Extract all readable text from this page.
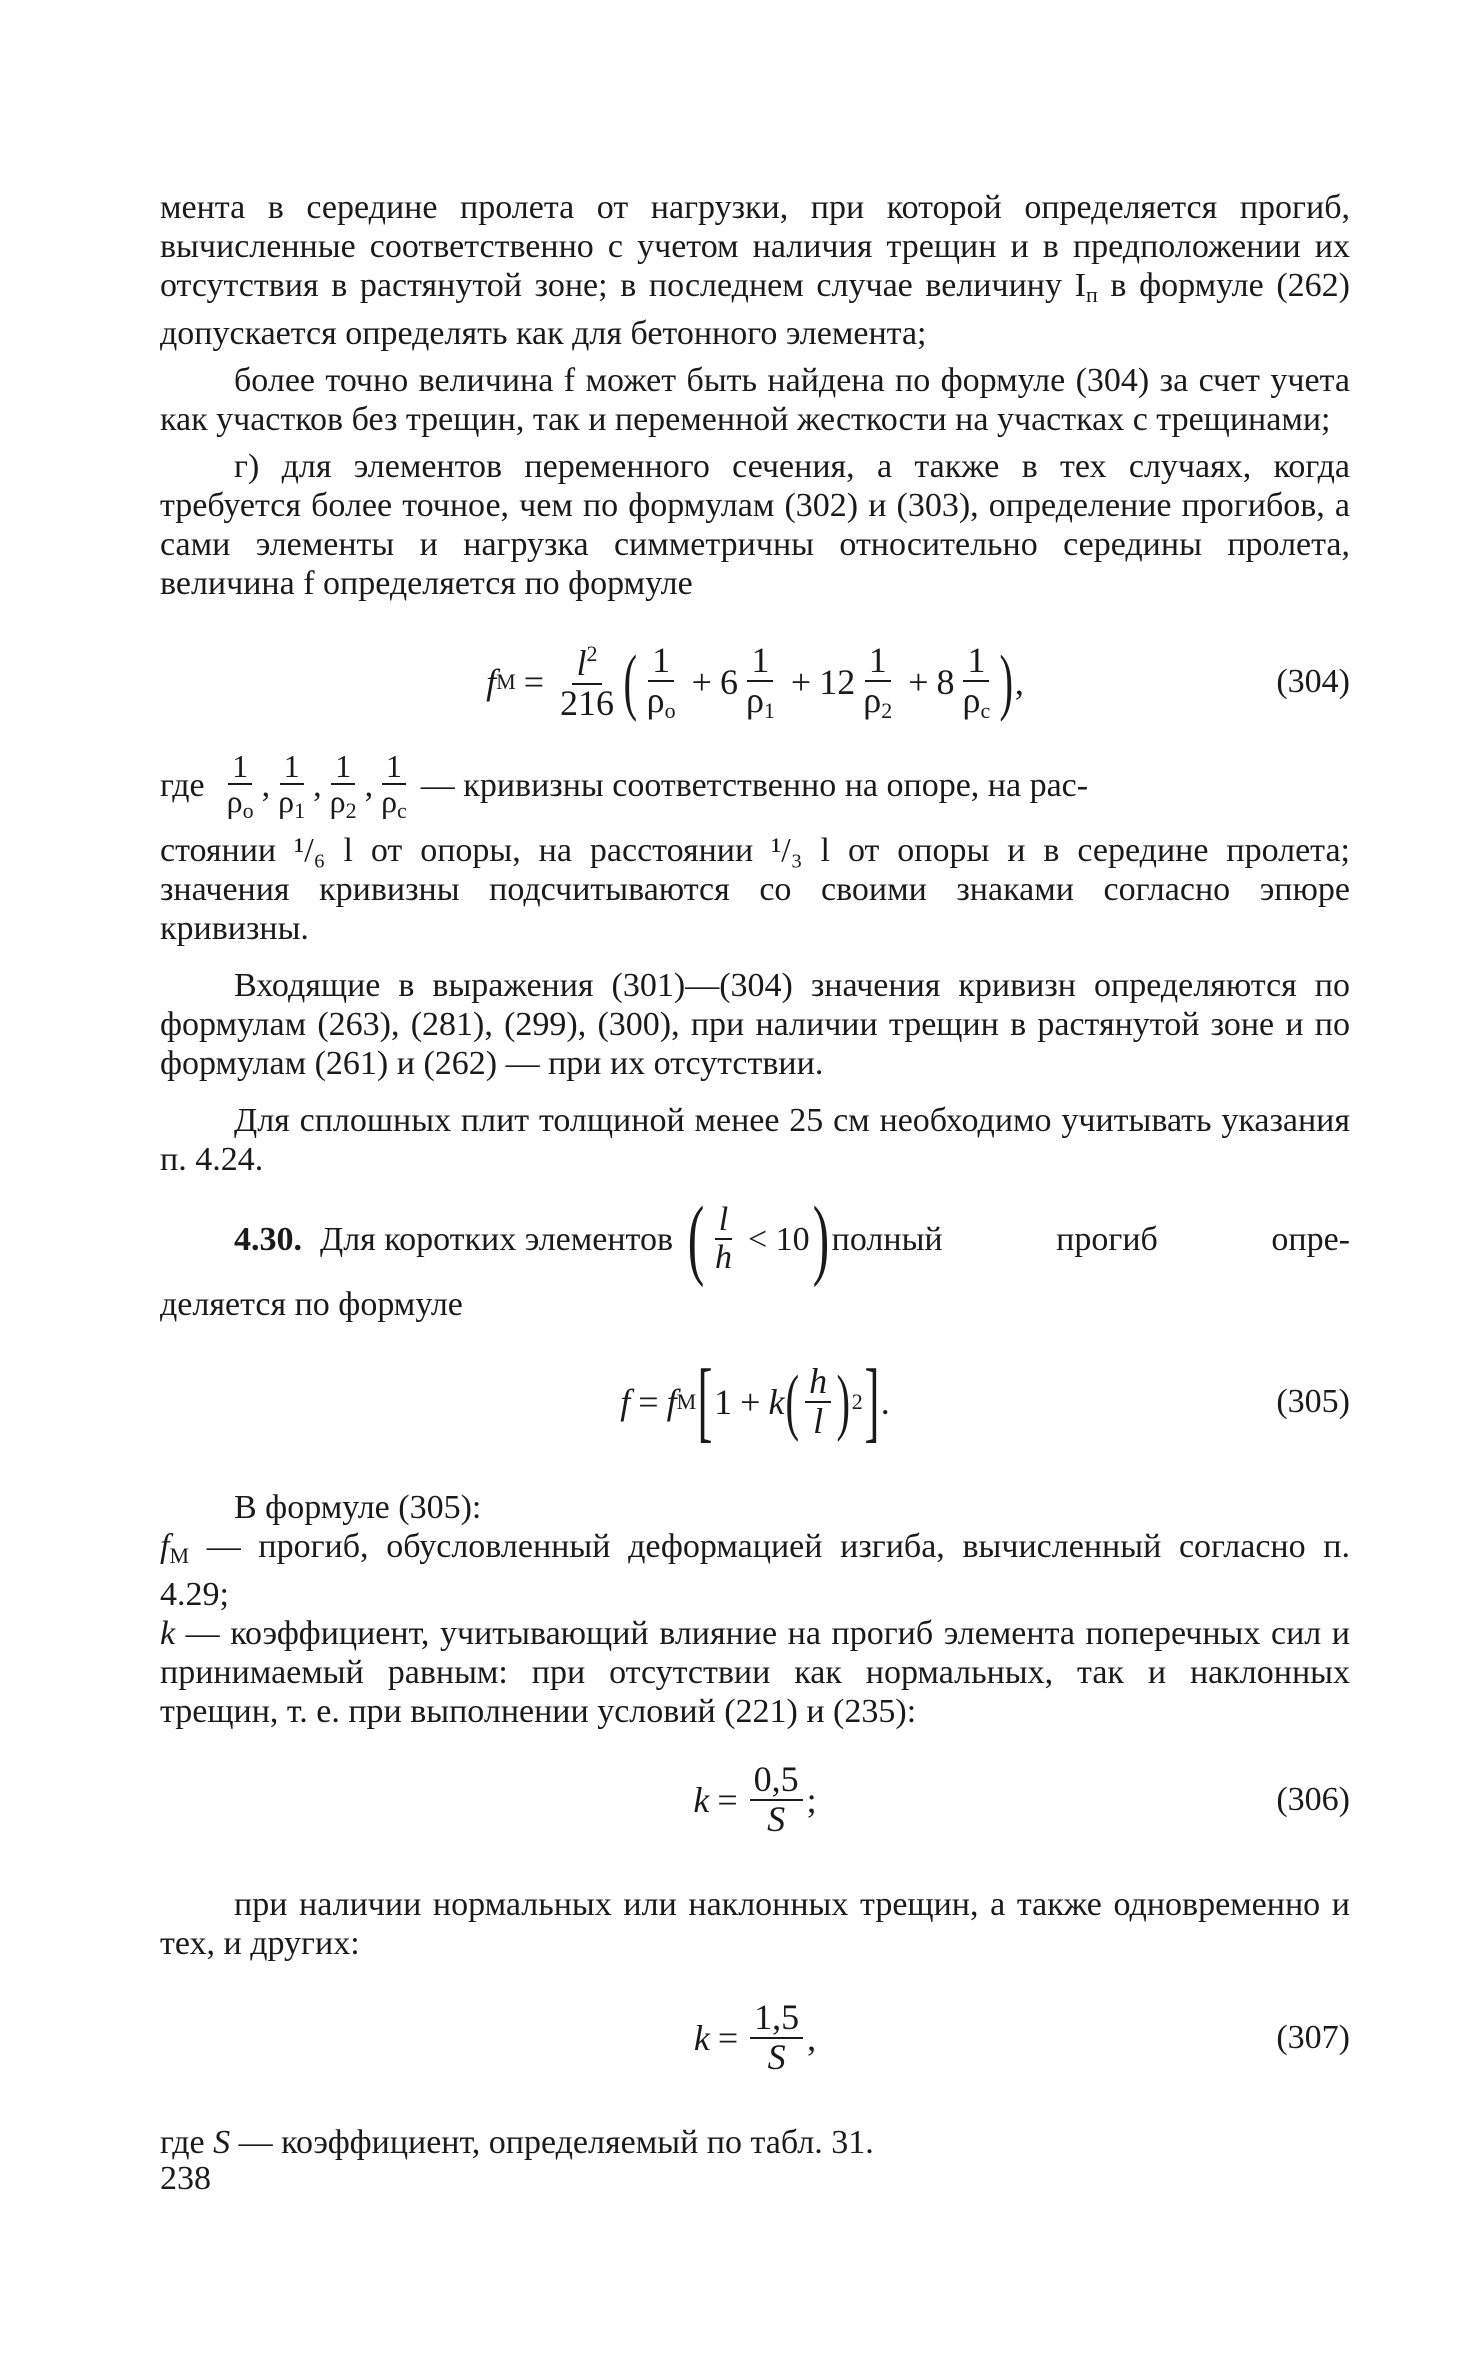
мента в середине пролета от нагрузки, при которой определяется прогиб, вычисленные соответственно с учетом наличия трещин и в предположении их отсутствия в растянутой зоне; в последнем случае величину $I_п$ в формуле (262) допускается определять как для бетонного элемента;

более точно величина f может быть найдена по формуле (304) за счет учета как участков без трещин, так и переменной жесткости на участках с трещинами;

г) для элементов переменного сечения, а также в тех случаях, когда требуется более точное, чем по формулам (302) и (303), определение прогибов, а сами элементы и нагрузка симметричны относительно середины пролета, величина f определяется по формуле

f $M = \frac{l^2}{216}$ ( $\frac{1}{\rho_о} + 6 \frac{1}{\rho_1} + 12 \frac{1}{\rho_2} + 8 \frac{1}{\rho_с}$ ) ,	(304)
где $\frac{1}{\rho_о}$ , $\frac{1}{\rho_1}$ , $\frac{1}{\rho_2}$ , $\frac{1}{\rho_с}$ — кривизны соответственно на опоре, на рас-

стоянии ¹/₆ l от опоры, на расстоянии ¹/₃ l от опоры и в середине пролета; значения кривизны подсчитываются со своими знаками согласно эпюре кривизны.

Входящие в выражения (301)—(304) значения кривизн определяются по формулам (263), (281), (299), (300), при наличии трещин в растянутой зоне и по формулам (261) и (262) — при их отсутствии.

Для сплошных плит толщиной менее 25 см необходимо учитывать указания п. 4.24.

4.30. Для коротких элементов ( $\frac{l}{h} < 10$ ) полный прогиб опре-

деляется по формуле

f = f M [ 1 + k ( $\frac{h}{l}$ ) 2 ] .	(305)

В формуле (305):

$f_M$ — прогиб, обусловленный деформацией изгиба, вычисленный согласно п. 4.29;

k — коэффициент, учитывающий влияние на прогиб элемента поперечных сил и принимаемый равным: при отсутствии как нормальных, так и наклонных трещин, т. е. при выполнении условий (221) и (235):

$k = \frac{0,5}{S}$ ;	(306)

при наличии нормальных или наклонных трещин, а также одновременно и тех, и других:

$k = \frac{1,5}{S}$ ,	(307)

где S — коэффициент, определяемый по табл. 31.

238
